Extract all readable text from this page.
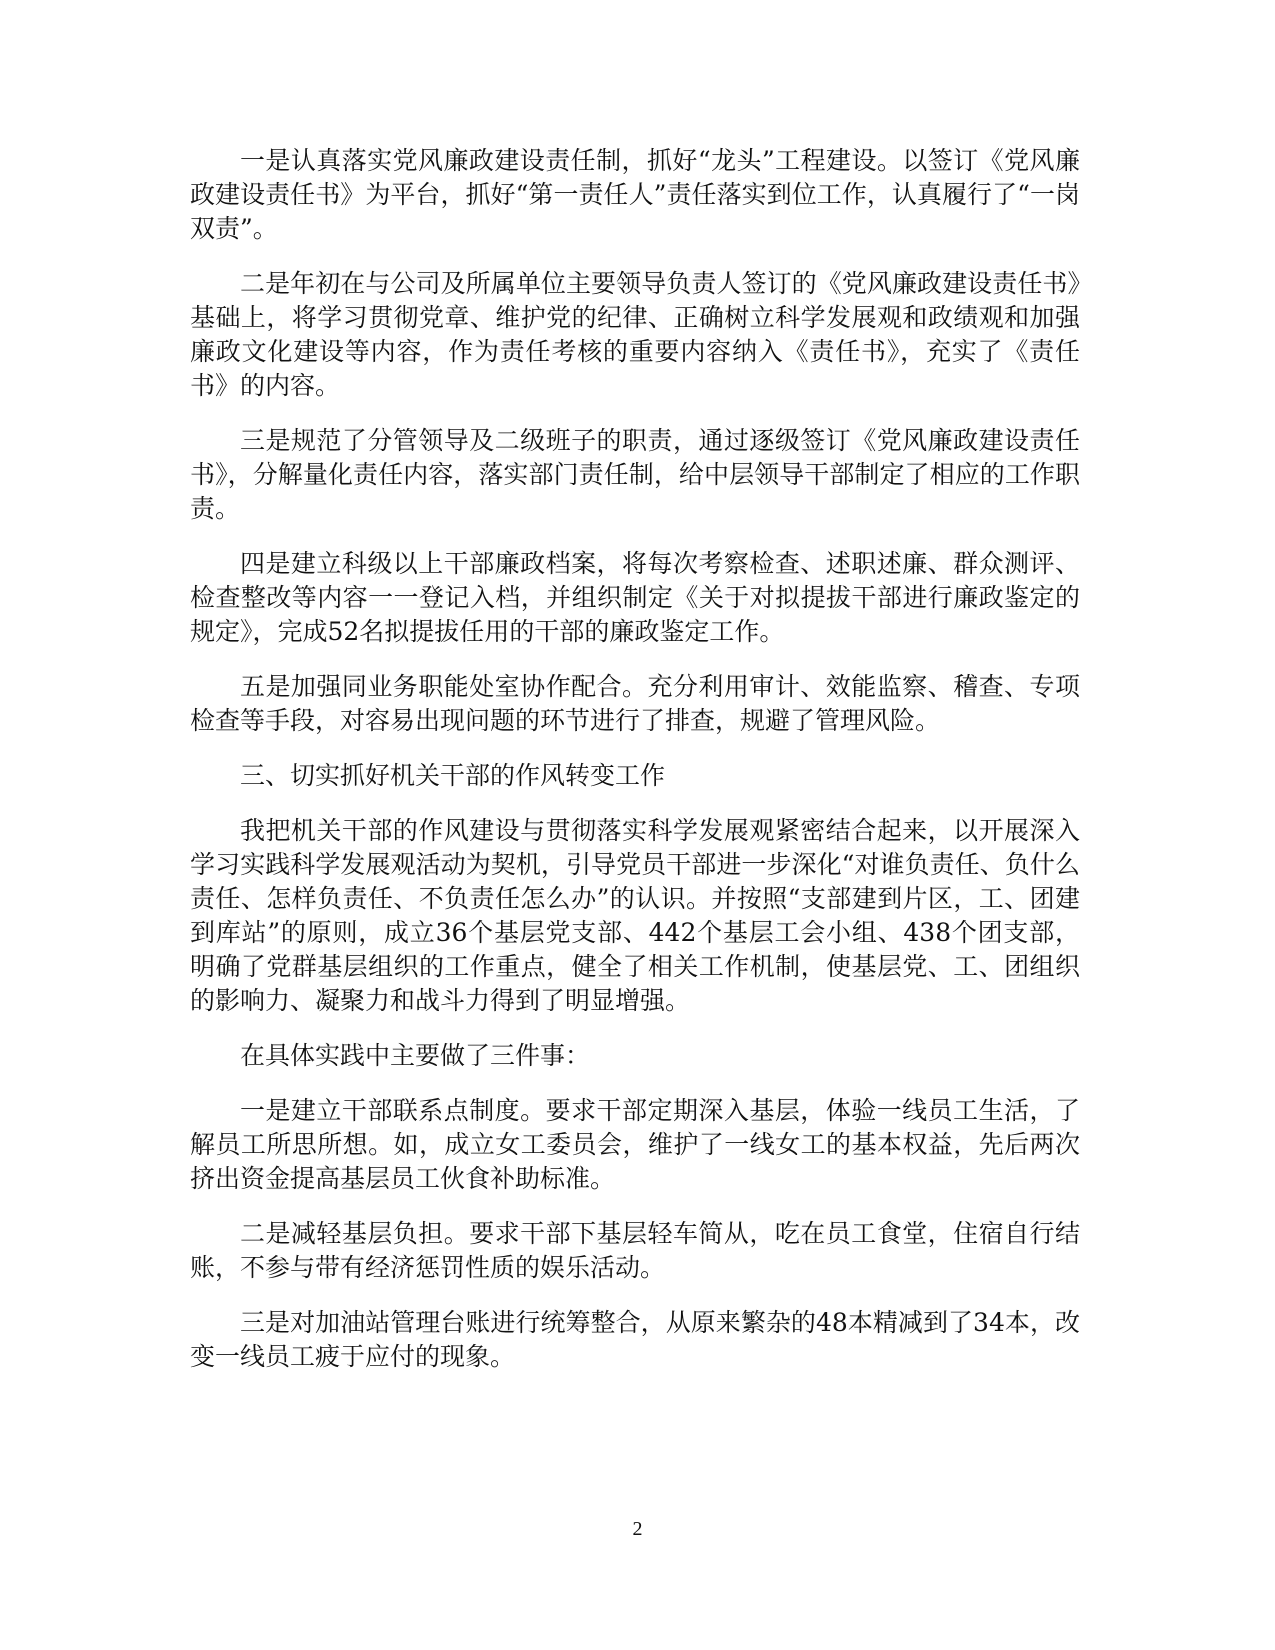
一是认真落实党风廉政建设责任制，抓好“龙头”工程建设。以签订《党风廉政建设责任书》为平台，抓好“第一责任人”责任落实到位工作，认真履行了“一岗双责”。

二是年初在与公司及所属单位主要领导负责人签订的《党风廉政建设责任书》基础上，将学习贯彻党章、维护党的纪律、正确树立科学发展观和政绩观和加强廉政文化建设等内容，作为责任考核的重要内容纳入《责任书》，充实了《责任书》的内容。

三是规范了分管领导及二级班子的职责，通过逐级签订《党风廉政建设责任书》，分解量化责任内容，落实部门责任制，给中层领导干部制定了相应的工作职责。

四是建立科级以上干部廉政档案，将每次考察检查、述职述廉、群众测评、检查整改等内容一一登记入档，并组织制定《关于对拟提拔干部进行廉政鉴定的规定》，完成52名拟提拔任用的干部的廉政鉴定工作。

五是加强同业务职能处室协作配合。充分利用审计、效能监察、稽查、专项检查等手段，对容易出现问题的环节进行了排查，规避了管理风险。

三、切实抓好机关干部的作风转变工作

我把机关干部的作风建设与贯彻落实科学发展观紧密结合起来，以开展深入学习实践科学发展观活动为契机，引导党员干部进一步深化“对谁负责任、负什么责任、怎样负责任、不负责任怎么办”的认识。并按照“支部建到片区，工、团建到库站”的原则，成立36个基层党支部、442个基层工会小组、438个团支部，明确了党群基层组织的工作重点，健全了相关工作机制，使基层党、工、团组织的影响力、凝聚力和战斗力得到了明显增强。

在具体实践中主要做了三件事：

一是建立干部联系点制度。要求干部定期深入基层，体验一线员工生活，了解员工所思所想。如，成立女工委员会，维护了一线女工的基本权益，先后两次挤出资金提高基层员工伙食补助标准。

二是减轻基层负担。要求干部下基层轻车简从，吃在员工食堂，住宿自行结账，不参与带有经济惩罚性质的娱乐活动。

三是对加油站管理台账进行统筹整合，从原来繁杂的48本精减到了34本，改变一线员工疲于应付的现象。

2
